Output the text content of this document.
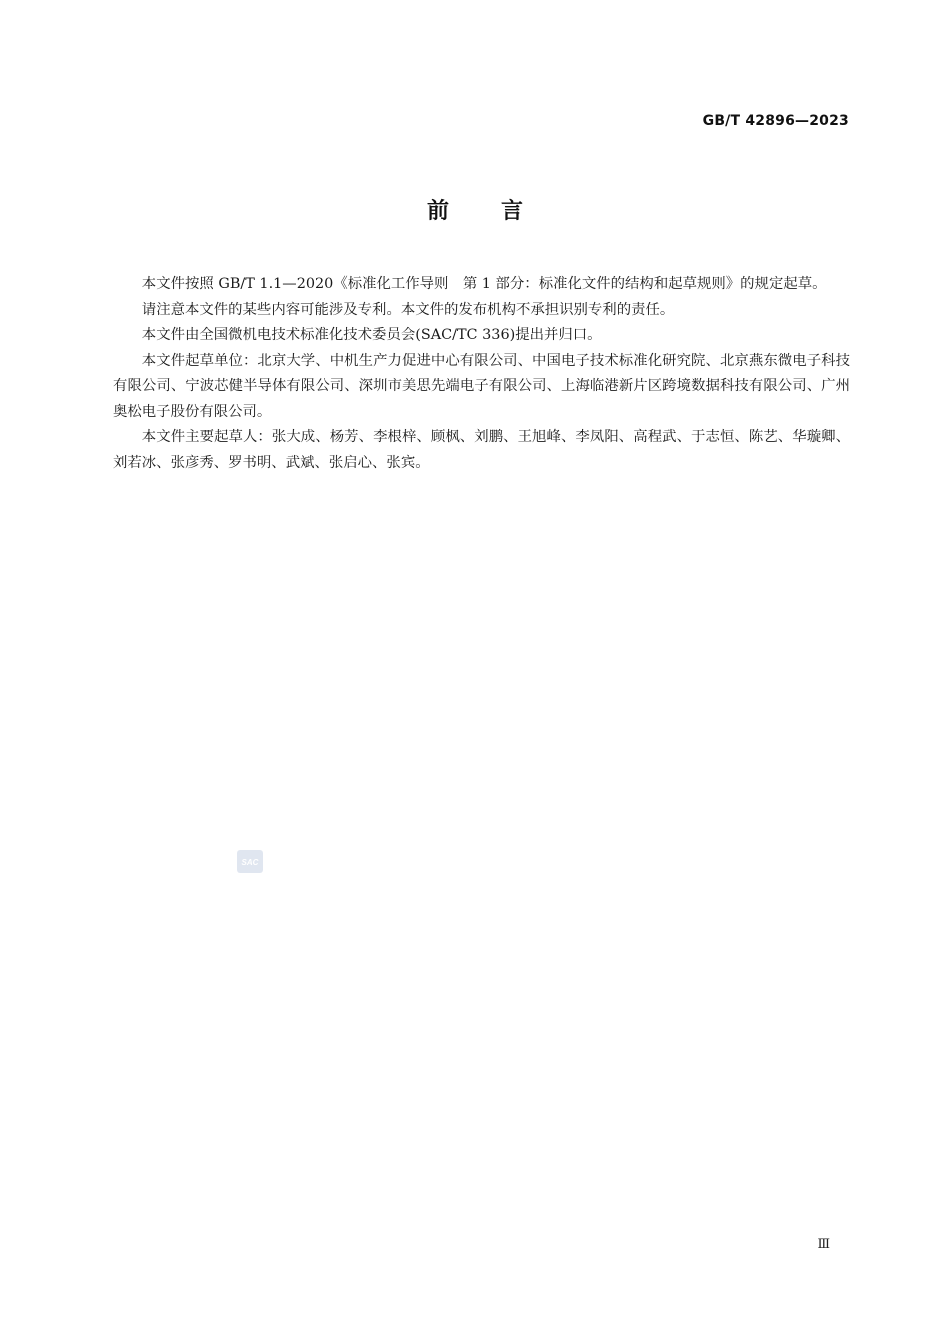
GB/T 42896—2023
前 言

本文件按照 GB/T 1.1—2020《标准化工作导则　第 1 部分：标准化文件的结构和起草规则》的规定起草。

请注意本文件的某些内容可能涉及专利。本文件的发布机构不承担识别专利的责任。

本文件由全国微机电技术标准化技术委员会(SAC/TC 336)提出并归口。

本文件起草单位：北京大学、中机生产力促进中心有限公司、中国电子技术标准化研究院、北京燕东微电子科技有限公司、宁波芯健半导体有限公司、深圳市美思先端电子有限公司、上海临港新片区跨境数据科技有限公司、广州奥松电子股份有限公司。

本文件主要起草人：张大成、杨芳、李根梓、顾枫、刘鹏、王旭峰、李凤阳、高程武、于志恒、陈艺、华璇卿、刘若冰、张彦秀、罗书明、武斌、张启心、张宾。

SAC
Ⅲ
